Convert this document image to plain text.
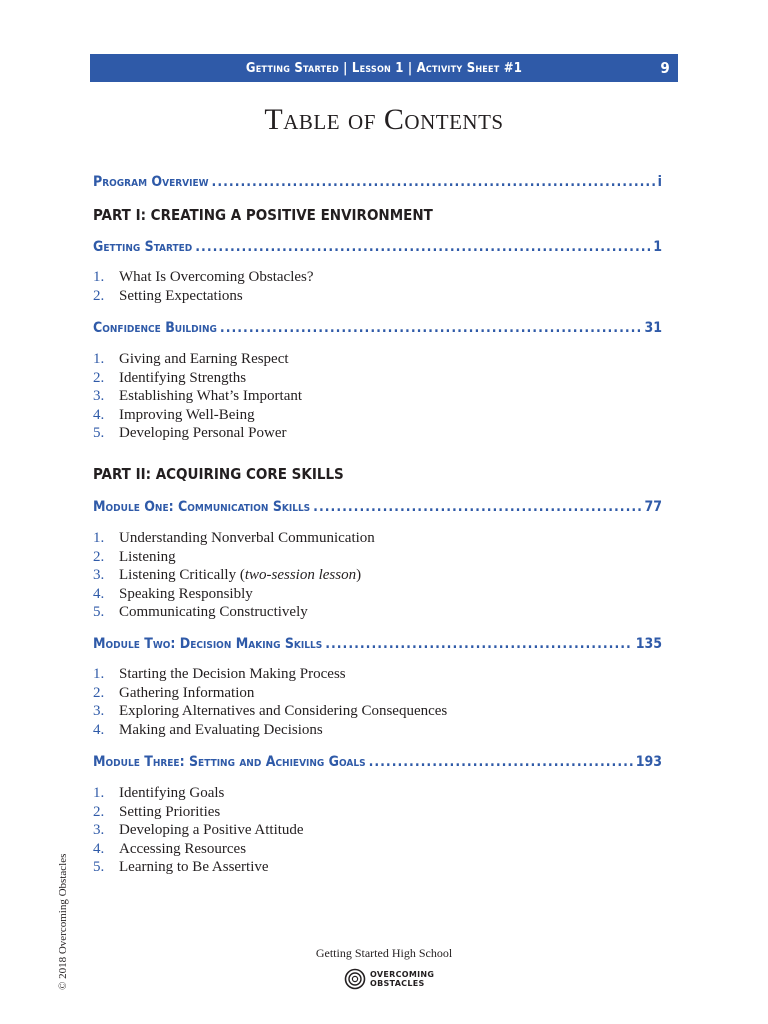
Getting Started | Lesson 1 | Activity Sheet #1	9
Table of Contents
Program Overview .....	i
PART I: CREATING A POSITIVE ENVIRONMENT
Getting Started .....	1
1. What Is Overcoming Obstacles?
2. Setting Expectations
Confidence Building .....	31
1. Giving and Earning Respect
2. Identifying Strengths
3. Establishing What’s Important
4. Improving Well-Being
5. Developing Personal Power
PART II: ACQUIRING CORE SKILLS
Module One: Communication Skills .....	77
1. Understanding Nonverbal Communication
2. Listening
3. Listening Critically (two-session lesson)
4. Speaking Responsibly
5. Communicating Constructively
Module Two: Decision Making Skills .....	135
1. Starting the Decision Making Process
2. Gathering Information
3. Exploring Alternatives and Considering Consequences
4. Making and Evaluating Decisions
Module Three: Setting and Achieving Goals .....	193
1. Identifying Goals
2. Setting Priorities
3. Developing a Positive Attitude
4. Accessing Resources
5. Learning to Be Assertive
© 2018 Overcoming Obstacles	Getting Started High School
OVERCOMING
OBSTACLES
